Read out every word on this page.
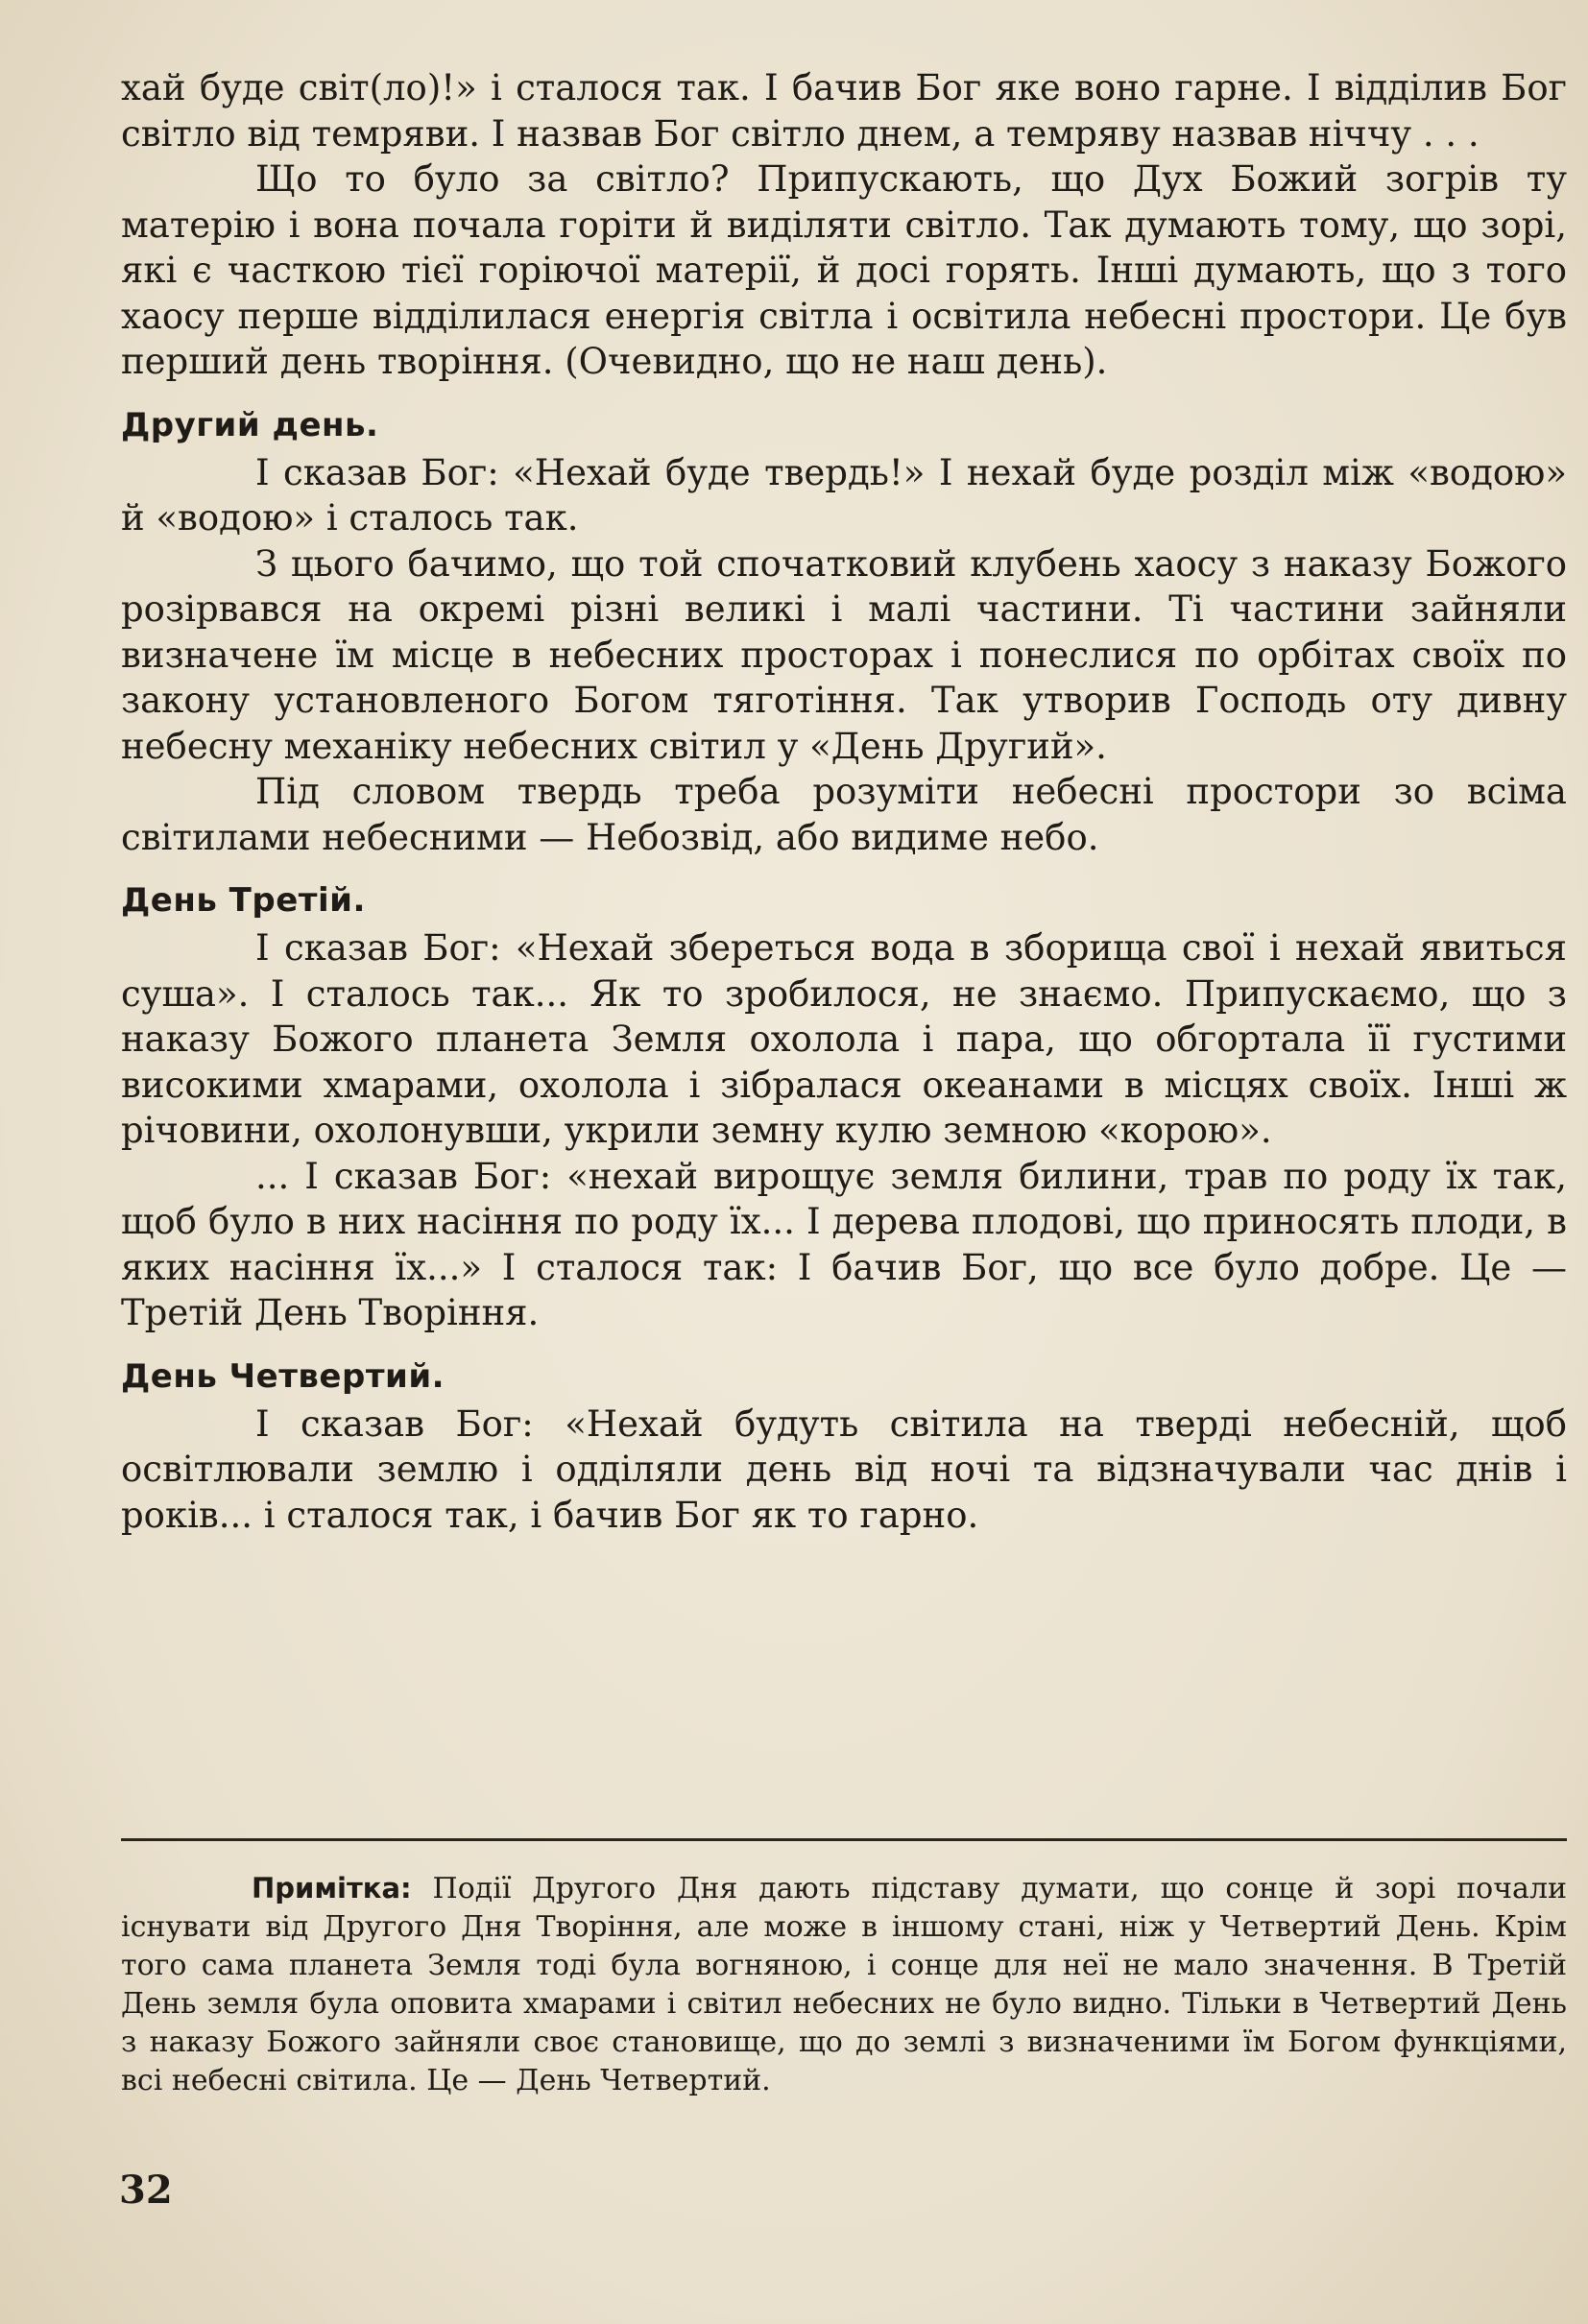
хай буде світ(ло)!» і сталося так. І бачив Бог яке воно гарне. І відділив Бог світло від темряви. І назвав Бог світло днем, а темряву назвав ніччу . . .

Що то було за світло? Припускають, що Дух Божий зогрів ту матерію і вона почала горіти й виділяти світло. Так думають тому, що зорі, які є часткою тієї горіючої матерії, й досі горять. Інші думають, що з того хаосу перше відділилася енергія світла і освітила небесні простори. Це був перший день творіння. (Очевидно, що не наш день).

Другий день.

І сказав Бог: «Нехай буде твердь!» І нехай буде розділ між «водою» й «водою» і сталось так.

З цього бачимо, що той спочатковий клубень хаосу з наказу Божого розірвався на окремі різні великі і малі частини. Ті частини зайняли визначене їм місце в небесних просторах і понеслися по орбітах своїх по закону установленого Богом тяготіння. Так утворив Господь оту дивну небесну механіку небесних світил у «День Другий».

Під словом твердь треба розуміти небесні простори зо всіма світилами небесними — Небозвід, або видиме небо.

День Третій.

І сказав Бог: «Нехай збереться вода в зборища свої і нехай явиться суша». І сталось так... Як то зробилося, не знаємо. Припускаємо, що з наказу Божого планета Земля охолола і пара, що обгортала її густими високими хмарами, охолола і зібралася океанами в місцях своїх. Інші ж річовини, охолонувши, укрили земну кулю земною «корою».

... І сказав Бог: «нехай вирощує земля билини, трав по роду їх так, щоб було в них насіння по роду їх... І дерева плодові, що приносять плоди, в яких насіння їх...» І сталося так: І бачив Бог, що все було добре. Це — Третій День Творіння.

День Четвертий.

І сказав Бог: «Нехай будуть світила на тверді небесній, щоб освітлювали землю і одділяли день від ночі та відзначували час днів і років... і сталося так, і бачив Бог як то гарно.

Примітка: Події Другого Дня дають підставу думати, що сонце й зорі почали існувати від Другого Дня Творіння, але може в іншому стані, ніж у Четвертий День. Крім того сама планета Земля тоді була вогняною, і сонце для неї не мало значення. В Третій День земля була оповита хмарами і світил небесних не було видно. Тільки в Четвертий День з наказу Божого зайняли своє становище, що до землі з визначеними їм Богом функціями, всі небесні світила. Це — День Четвертий.

32
